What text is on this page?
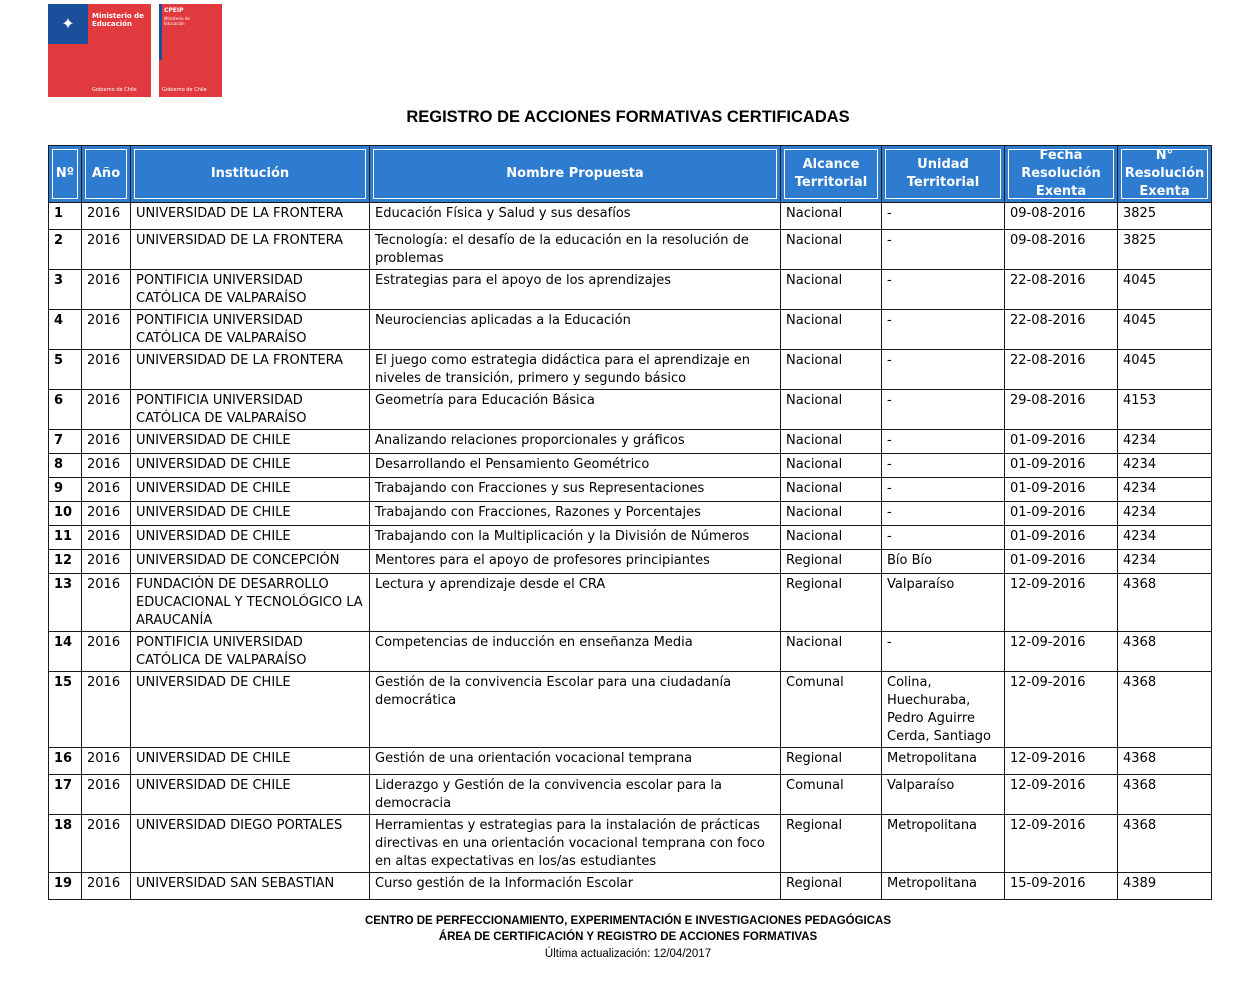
✦	Ministerio de
Educación
Gobierno de Chile
CPEIP
Ministerio de
Educación
Gobierno de Chile
REGISTRO DE ACCIONES FORMATIVAS CERTIFICADAS
Nº	Año	Institución	Nombre Propuesta	Alcance Territorial	Unidad Territorial	Fecha Resolución Exenta	N° Resolución Exenta
1	2016	UNIVERSIDAD DE LA FRONTERA	Educación Física y Salud y sus desafíos	Nacional	-	09-08-2016	3825
2	2016	UNIVERSIDAD DE LA FRONTERA	Tecnología: el desafío de la educación en la resolución de problemas	Nacional	-	09-08-2016	3825
3	2016	PONTIFICIA UNIVERSIDAD CATÓLICA DE VALPARAÍSO	Estrategias para el apoyo de los aprendizajes	Nacional	-	22-08-2016	4045
4	2016	PONTIFICIA UNIVERSIDAD CATÓLICA DE VALPARAÍSO	Neurociencias aplicadas a la Educación	Nacional	-	22-08-2016	4045
5	2016	UNIVERSIDAD DE LA FRONTERA	El juego como estrategia didáctica para el aprendizaje en niveles de transición, primero y segundo básico	Nacional	-	22-08-2016	4045
6	2016	PONTIFICIA UNIVERSIDAD CATÓLICA DE VALPARAÍSO	Geometría para Educación Básica	Nacional	-	29-08-2016	4153
7	2016	UNIVERSIDAD DE CHILE	Analizando relaciones proporcionales y gráficos	Nacional	-	01-09-2016	4234
8	2016	UNIVERSIDAD DE CHILE	Desarrollando el Pensamiento Geométrico	Nacional	-	01-09-2016	4234
9	2016	UNIVERSIDAD DE CHILE	Trabajando con Fracciones y sus Representaciones	Nacional	-	01-09-2016	4234
10	2016	UNIVERSIDAD DE CHILE	Trabajando con Fracciones, Razones y Porcentajes	Nacional	-	01-09-2016	4234
11	2016	UNIVERSIDAD DE CHILE	Trabajando con la Multiplicación y la División de Números	Nacional	-	01-09-2016	4234
12	2016	UNIVERSIDAD DE CONCEPCIÓN	Mentores para el apoyo de profesores principiantes	Regional	Bío Bío	01-09-2016	4234
13	2016	FUNDACIÓN DE DESARROLLO EDUCACIONAL Y TECNOLÓGICO LA ARAUCANÍA	Lectura y aprendizaje desde el CRA	Regional	Valparaíso	12-09-2016	4368
14	2016	PONTIFICIA UNIVERSIDAD CATÓLICA DE VALPARAÍSO	Competencias de inducción en enseñanza Media	Nacional	-	12-09-2016	4368
15	2016	UNIVERSIDAD DE CHILE	Gestión de la convivencia Escolar para una ciudadanía democrática	Comunal	Colina, Huechuraba, Pedro Aguirre Cerda, Santiago	12-09-2016	4368
16	2016	UNIVERSIDAD DE CHILE	Gestión de una orientación vocacional temprana	Regional	Metropolitana	12-09-2016	4368
17	2016	UNIVERSIDAD DE CHILE	Liderazgo y Gestión de la convivencia escolar para la democracia	Comunal	Valparaíso	12-09-2016	4368
18	2016	UNIVERSIDAD DIEGO PORTALES	Herramientas y estrategias para la instalación de prácticas directivas en una orientación vocacional temprana con foco en altas expectativas en los/as estudiantes	Regional	Metropolitana	12-09-2016	4368
19	2016	UNIVERSIDAD SAN SEBASTIAN	Curso gestión de la Información Escolar	Regional	Metropolitana	15-09-2016	4389
CENTRO DE PERFECCIONAMIENTO, EXPERIMENTACIÓN E INVESTIGACIONES PEDAGÓGICAS
ÁREA DE CERTIFICACIÓN Y REGISTRO DE ACCIONES FORMATIVAS
Última actualización: 12/04/2017
